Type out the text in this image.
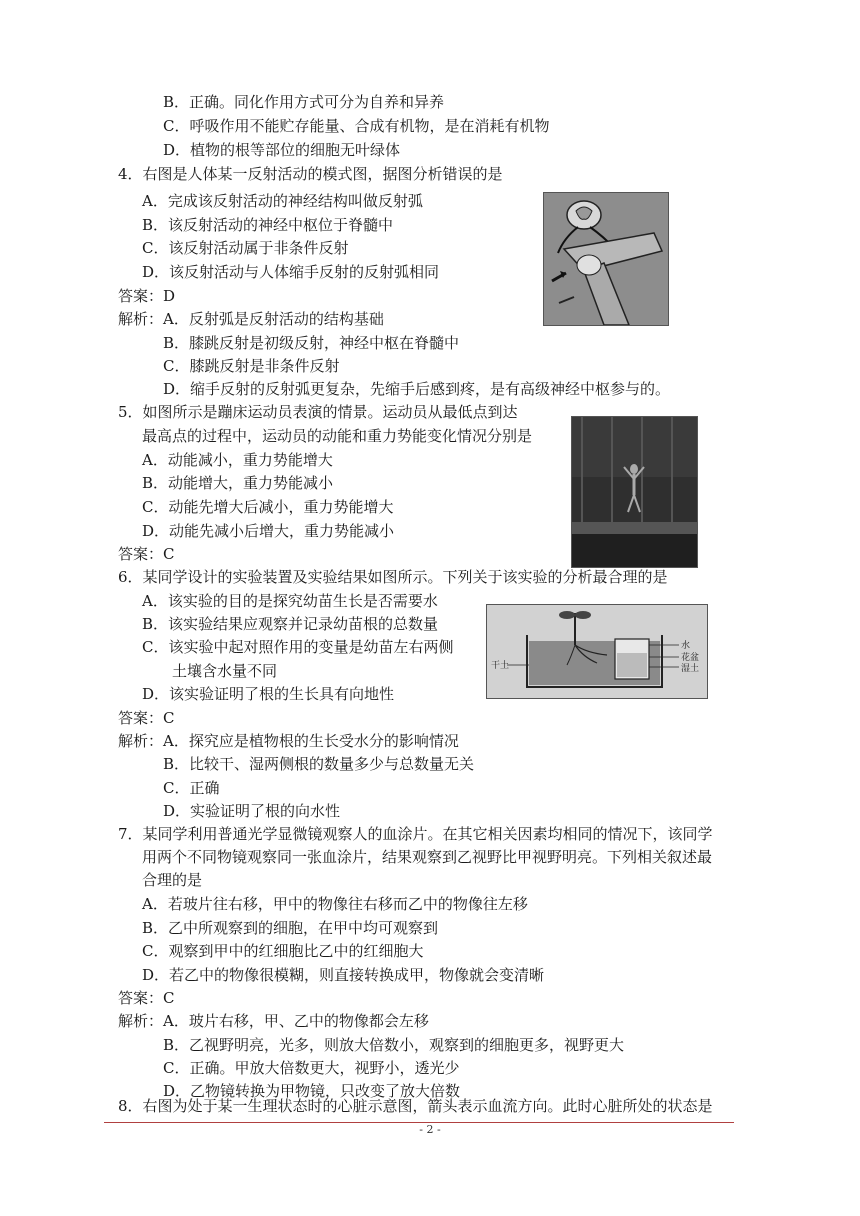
B．正确。同化作用方式可分为自养和异养
C．呼吸作用不能贮存能量、合成有机物，是在消耗有机物
D．植物的根等部位的细胞无叶绿体
4．右图是人体某一反射活动的模式图，据图分析错误的是
A．完成该反射活动的神经结构叫做反射弧
B．该反射活动的神经中枢位于脊髓中
C．该反射活动属于非条件反射
D．该反射活动与人体缩手反射的反射弧相同
答案：D
解析：A．反射弧是反射活动的结构基础
B．膝跳反射是初级反射，神经中枢在脊髓中
C．膝跳反射是非条件反射
D．缩手反射的反射弧更复杂，先缩手后感到疼，是有高级神经中枢参与的。
5．如图所示是蹦床运动员表演的情景。运动员从最低点到达
最高点的过程中，运动员的动能和重力势能变化情况分别是
A．动能减小，重力势能增大
B．动能增大，重力势能减小
C．动能先增大后减小，重力势能增大
D．动能先减小后增大，重力势能减小
答案：C
6．某同学设计的实验装置及实验结果如图所示。下列关于该实验的分析最合理的是
A．该实验的目的是探究幼苗生长是否需要水
B．该实验结果应观察并记录幼苗根的总数量
C．该实验中起对照作用的变量是幼苗左右两侧
土壤含水量不同
D．该实验证明了根的生长具有向地性
答案：C
解析：A．探究应是植物根的生长受水分的影响情况
B．比较干、湿两侧根的数量多少与总数量无关
C．正确
D．实验证明了根的向水性
7．某同学利用普通光学显微镜观察人的血涂片。在其它相关因素均相同的情况下，该同学
用两个不同物镜观察同一张血涂片，结果观察到乙视野比甲视野明亮。下列相关叙述最
合理的是
A．若玻片往右移，甲中的物像往右移而乙中的物像往左移
B．乙中所观察到的细胞，在甲中均可观察到
C．观察到甲中的红细胞比乙中的红细胞大
D．若乙中的物像很模糊，则直接转换成甲，物像就会变清晰
答案：C
解析：A．玻片右移，甲、乙中的物像都会左移
B．乙视野明亮，光多，则放大倍数小，观察到的细胞更多，视野更大
C．正确。甲放大倍数更大，视野小，透光少
D．乙物镜转换为甲物镜，只改变了放大倍数
8．右图为处于某一生理状态时的心脏示意图，箭头表示血流方向。此时心脏所处的状态是
干土
水
花盆
湿土
- 2 -
